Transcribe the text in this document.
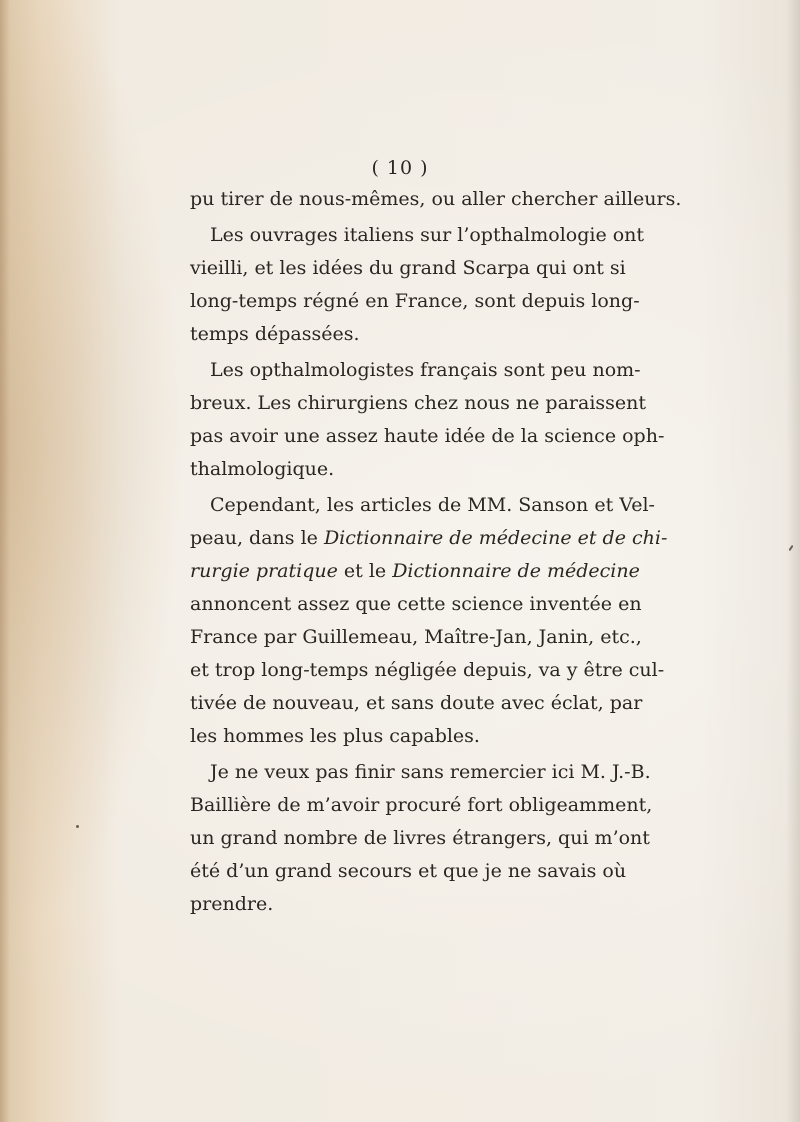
( 10 )
pu tirer de nous-mêmes, ou aller chercher ailleurs.
Les ouvrages italiens sur l’opthalmologie ont
vieilli, et les idées du grand Scarpa qui ont si
long-temps régné en France, sont depuis long-
temps dépassées.
Les opthalmologistes français sont peu nom-
breux. Les chirurgiens chez nous ne paraissent
pas avoir une assez haute idée de la science oph-
thalmologique.
Cependant, les articles de MM. Sanson et Vel-
peau, dans le Dictionnaire de médecine et de chi-
rurgie pratique et le Dictionnaire de médecine
annoncent assez que cette science inventée en
France par Guillemeau, Maître-Jan, Janin, etc.,
et trop long-temps négligée depuis, va y être cul-
tivée de nouveau, et sans doute avec éclat, par
les hommes les plus capables.
Je ne veux pas finir sans remercier ici M. J.-B.
Baillière de m’avoir procuré fort obligeamment,
un grand nombre de livres étrangers, qui m’ont
été d’un grand secours et que je ne savais où
prendre.
